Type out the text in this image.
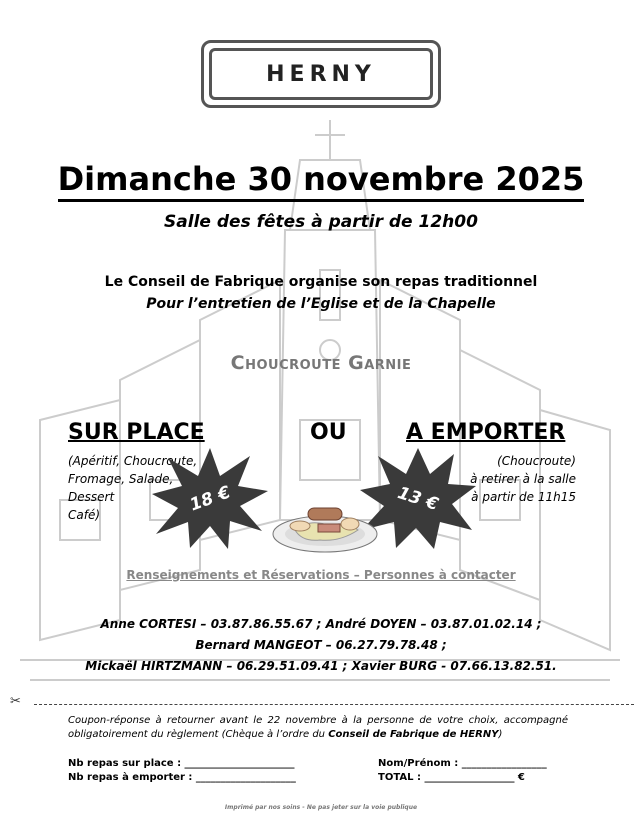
HERNY
Dimanche 30 novembre 2025
Salle des fêtes à partir de 12h00
Le Conseil de Fabrique organise son repas traditionnel
Pour l’entretien de l’Eglise et de la Chapelle
Choucroute Garnie
SUR PLACE	OU	A EMPORTER
(Apéritif, Choucroute,
Fromage, Salade,
Dessert
Café)
(Choucroute)
à retirer à la salle
à partir de 11h15
18 €	13 €
Renseignements et Réservations – Personnes à contacter
Anne CORTESI – 03.87.86.55.67 ; André DOYEN – 03.87.01.02.14 ;
Bernard MANGEOT – 06.27.79.78.48 ;
Mickaël HIRTZMANN – 06.29.51.09.41 ; Xavier BURG - 07.66.13.82.51.
✂
Coupon-réponse à retourner avant le 22 novembre à la personne de votre choix, accompagné obligatoirement du règlement (Chèque à l’ordre du Conseil de Fabrique de HERNY)
Nb repas sur place : ______________________
Nb repas à emporter : ____________________
Nom/Prénom : _________________
TOTAL : __________________ €
Imprimé par nos soins - Ne pas jeter sur la voie publique
